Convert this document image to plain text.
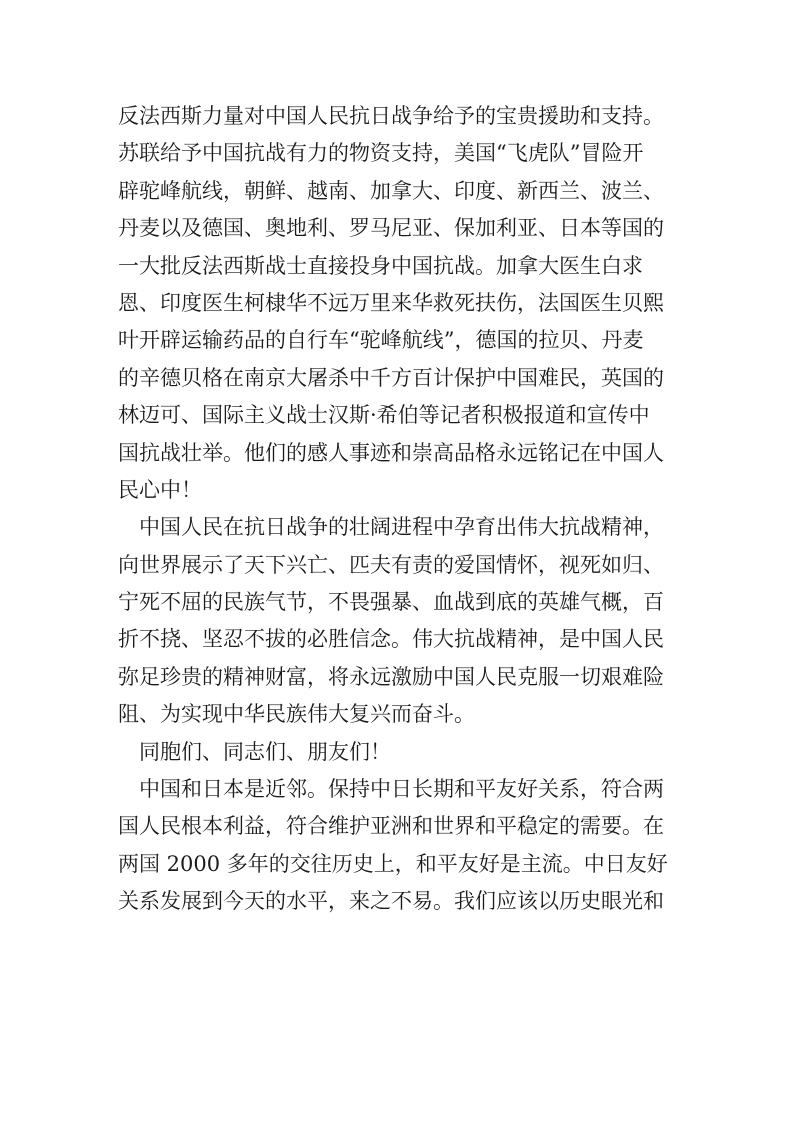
反法西斯力量对中国人民抗日战争给予的宝贵援助和支持。
苏联给予中国抗战有力的物资支持，美国“飞虎队”冒险开
辟驼峰航线，朝鲜、越南、加拿大、印度、新西兰、波兰、
丹麦以及德国、奥地利、罗马尼亚、保加利亚、日本等国的
一大批反法西斯战士直接投身中国抗战。加拿大医生白求
恩、印度医生柯棣华不远万里来华救死扶伤，法国医生贝熙
叶开辟运输药品的自行车“驼峰航线”，德国的拉贝、丹麦
的辛德贝格在南京大屠杀中千方百计保护中国难民，英国的
林迈可、国际主义战士汉斯·希伯等记者积极报道和宣传中
国抗战壮举。他们的感人事迹和崇高品格永远铭记在中国人
民心中！
　中国人民在抗日战争的壮阔进程中孕育出伟大抗战精神，
向世界展示了天下兴亡、匹夫有责的爱国情怀，视死如归、
宁死不屈的民族气节，不畏强暴、血战到底的英雄气概，百
折不挠、坚忍不拔的必胜信念。伟大抗战精神，是中国人民
弥足珍贵的精神财富，将永远激励中国人民克服一切艰难险
阻、为实现中华民族伟大复兴而奋斗。
　同胞们、同志们、朋友们！
　中国和日本是近邻。保持中日长期和平友好关系，符合两
国人民根本利益，符合维护亚洲和世界和平稳定的需要。在
两国 2000 多年的交往历史上，和平友好是主流。中日友好
关系发展到今天的水平，来之不易。我们应该以历史眼光和
